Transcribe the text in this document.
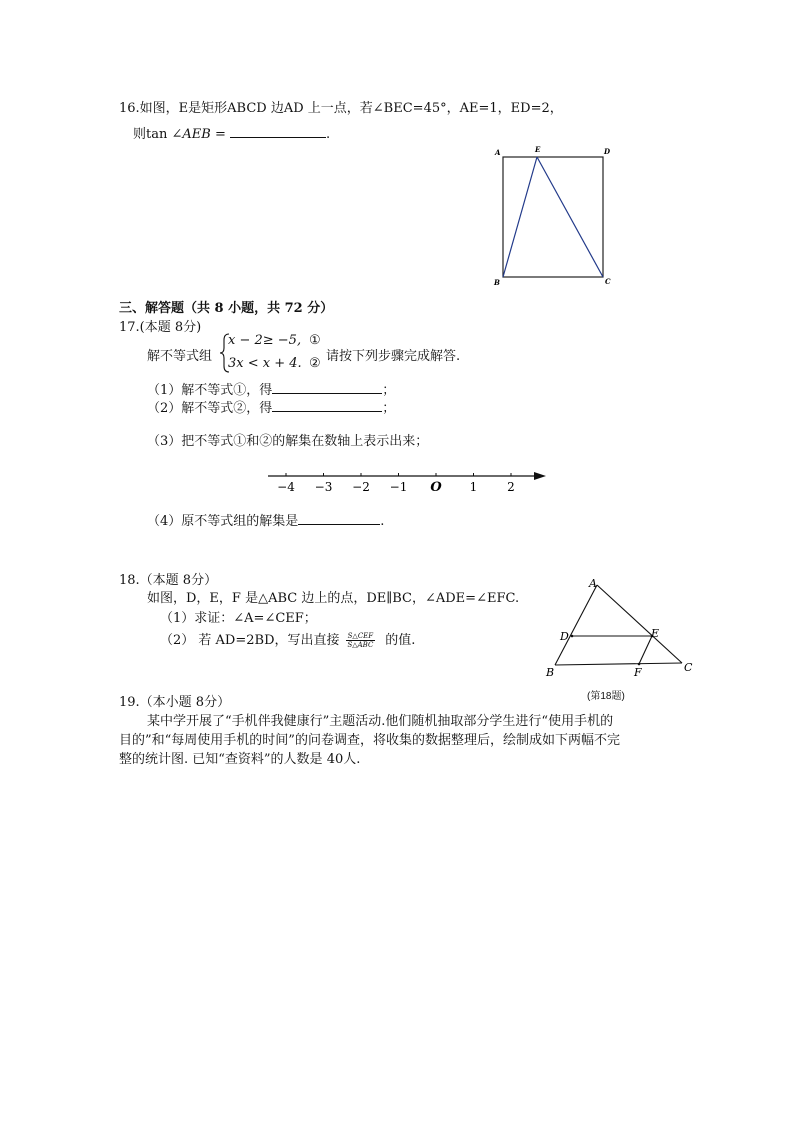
16.如图，E是矩形ABCD 边AD 上一点，若∠BEC=45°，AE=1，ED=2，
则tan ∠AEB =	.
A	E	D
B	C
三、解答题（共 8 小题，共 72 分）
17.(本题 8分)
解不等式组
x − 2≥ −5, ①
3x < x + 4. ② 请按下列步骤完成解答.
（1）解不等式①，得	；
（2）解不等式②，得	；
（3）把不等式①和②的解集在数轴上表示出来；
−4 −3 −2 −1 O 1 2
（4）原不等式组的解集是	.
18.（本题 8分）
如图，D，E，F 是△ABC 边上的点，DE∥BC，∠ADE=∠EFC.
（1）求证：∠A=∠CEF；
（2） 若 AD=2BD，写出直接 $\frac{\text{S△CEF}}{\text{S△ABC}}$ 的值.
A
D	E
B	F	C
(第18题)
19.（本小题 8分）
某中学开展了“手机伴我健康行”主题活动.他们随机抽取部分学生进行“使用手机的
目的”和“每周使用手机的时间”的问卷调查，将收集的数据整理后，绘制成如下两幅不完
整的统计图. 已知“查资料”的人数是 40人.
